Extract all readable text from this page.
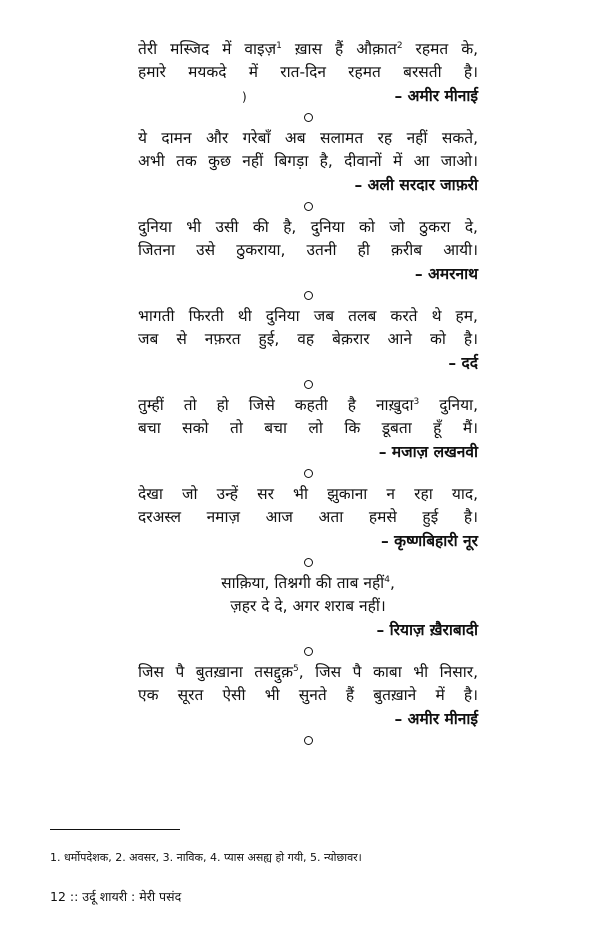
तेरी मस्जिद में वाइज़$^1$ ख़ास हैं औक़ात$^2$ रहमत के,
हमारे मयकदे में रात-दिन रहमत बरसती है।
– अमीर मीनाई
ये दामन और गरेबाँ अब सलामत रह नहीं सकते,
अभी तक कुछ नहीं बिगड़ा है, दीवानों में आ जाओ।
– अली सरदार जाफ़री
दुनिया भी उसी की है, दुनिया को जो ठुकरा दे,
जितना उसे ठुकराया, उतनी ही क़रीब आयी।
– अमरनाथ
भागती फिरती थी दुनिया जब तलब करते थे हम,
जब से नफ़रत हुई, वह बेक़रार आने को है।
– दर्द
तुम्हीं तो हो जिसे कहती है नाख़ुदा$^3$ दुनिया,
बचा सको तो बचा लो कि डूबता हूँ मैं।
– मजाज़ लखनवी
देखा जो उन्हें सर भी झुकाना न रहा याद,
दरअस्ल नमाज़ आज अता हमसे हुई है।
– कृष्णबिहारी नूर
साक़िया, तिश्नगी की ताब नहीं$^4$,
ज़हर दे दे, अगर शराब नहीं।
– रियाज़ ख़ैराबादी
जिस पै बुतख़ाना तसद्दुक़$^5$, जिस पै काबा भी निसार,
एक सूरत ऐसी भी सुनते हैं बुतख़ाने में है।
– अमीर मीनाई
)
1. धर्मोपदेशक, 2. अवसर, 3. नाविक, 4. प्यास असह्य हो गयी, 5. न्योछावर।
12 :: उर्दू शायरी : मेरी पसंद
